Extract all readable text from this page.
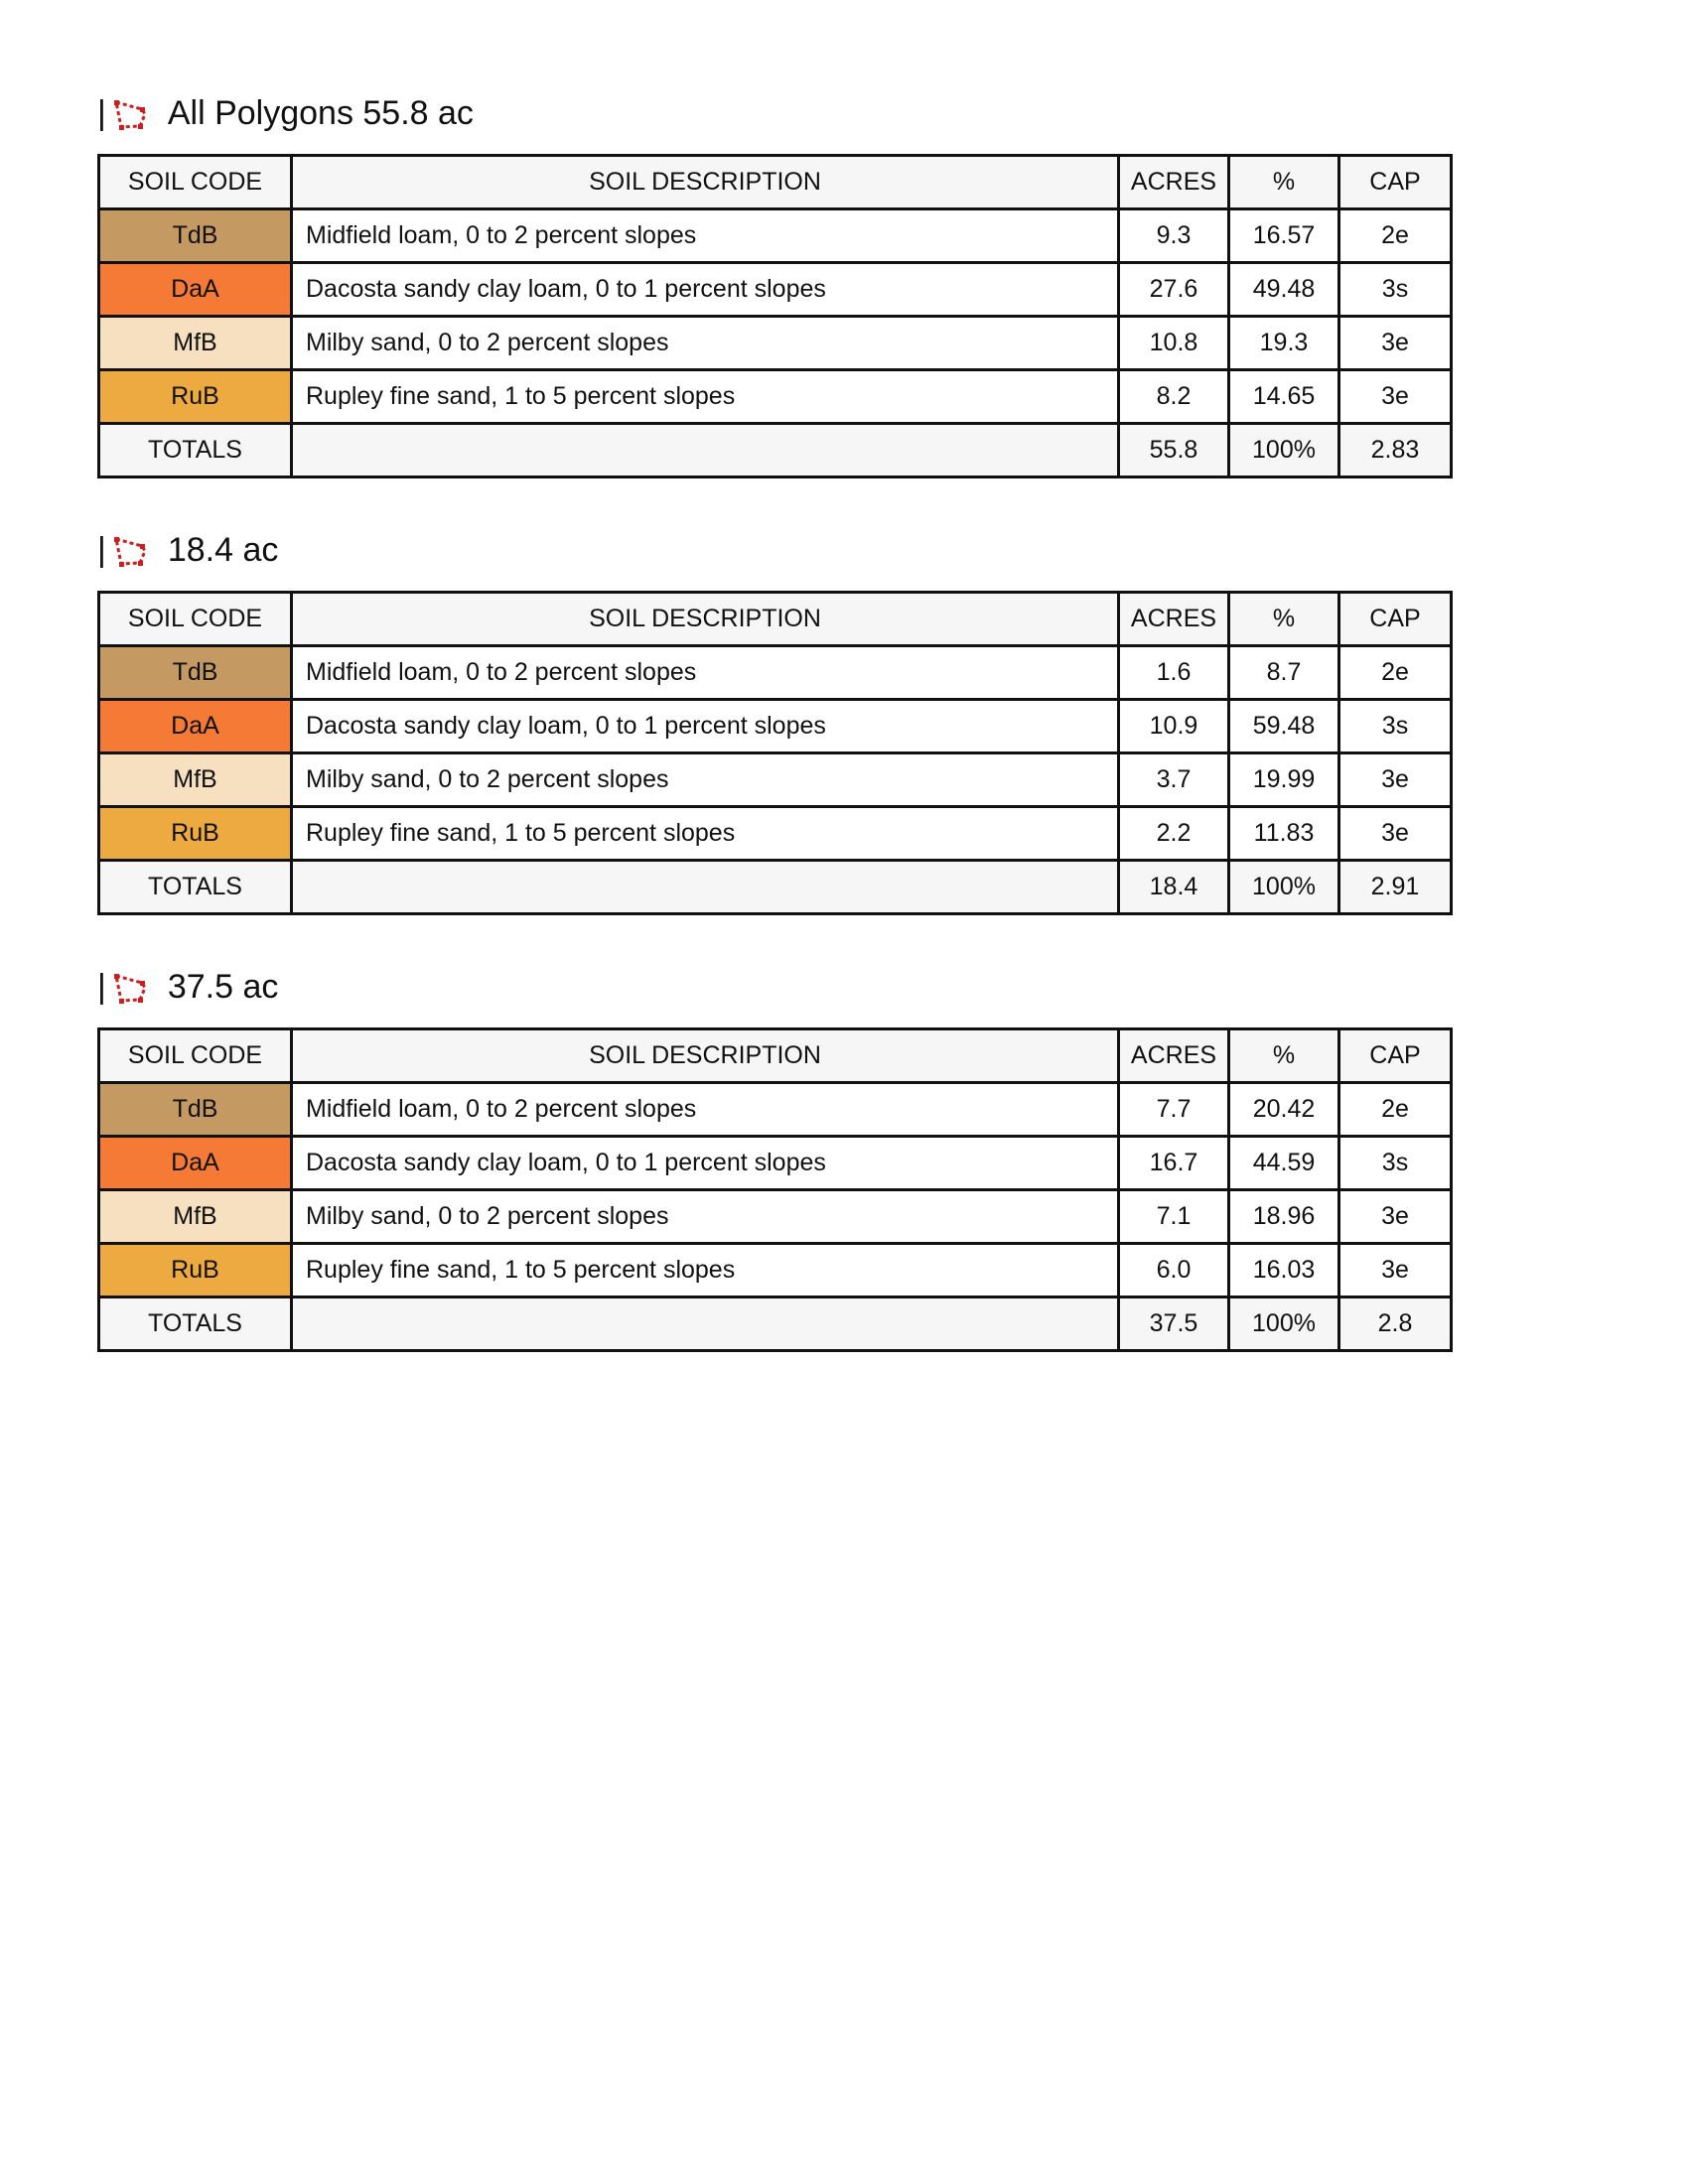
| All Polygons 55.8 ac
SOIL CODE	SOIL DESCRIPTION	ACRES	%	CAP
TdB	Midfield loam, 0 to 2 percent slopes	9.3	16.57	2e
DaA	Dacosta sandy clay loam, 0 to 1 percent slopes	27.6	49.48	3s
MfB	Milby sand, 0 to 2 percent slopes	10.8	19.3	3e
RuB	Rupley fine sand, 1 to 5 percent slopes	8.2	14.65	3e
TOTALS		55.8	100%	2.83
| 18.4 ac
SOIL CODE	SOIL DESCRIPTION	ACRES	%	CAP
TdB	Midfield loam, 0 to 2 percent slopes	1.6	8.7	2e
DaA	Dacosta sandy clay loam, 0 to 1 percent slopes	10.9	59.48	3s
MfB	Milby sand, 0 to 2 percent slopes	3.7	19.99	3e
RuB	Rupley fine sand, 1 to 5 percent slopes	2.2	11.83	3e
TOTALS		18.4	100%	2.91
| 37.5 ac
SOIL CODE	SOIL DESCRIPTION	ACRES	%	CAP
TdB	Midfield loam, 0 to 2 percent slopes	7.7	20.42	2e
DaA	Dacosta sandy clay loam, 0 to 1 percent slopes	16.7	44.59	3s
MfB	Milby sand, 0 to 2 percent slopes	7.1	18.96	3e
RuB	Rupley fine sand, 1 to 5 percent slopes	6.0	16.03	3e
TOTALS		37.5	100%	2.8
